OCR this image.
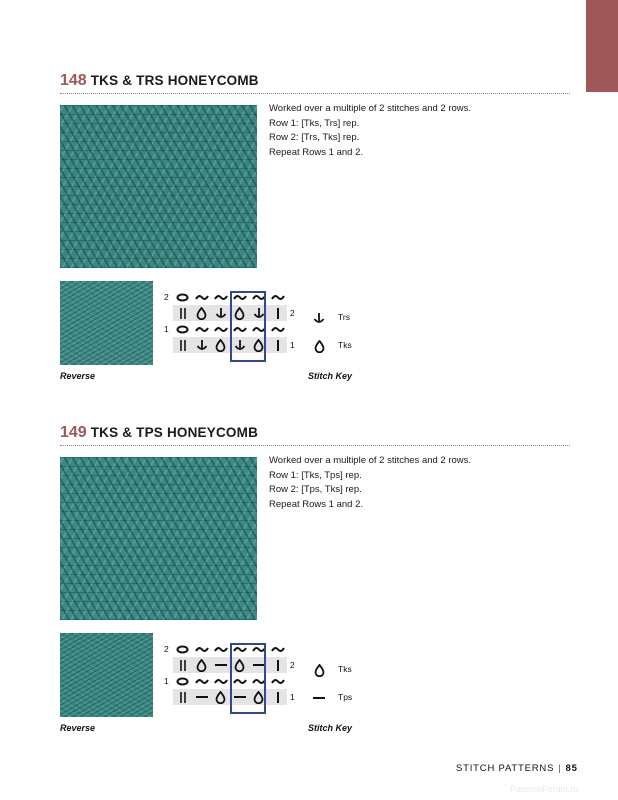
148 TKS & TRS HONEYCOMB
Worked over a multiple of 2 stitches and 2 rows.
Row 1: [Tks, Trs] rep.
Row 2: [Trs, Tks] rep.
Repeat Rows 1 and 2.
2
1
2
1
Trs
Tks
Reverse	Stitch Key
149 TKS & TPS HONEYCOMB
Worked over a multiple of 2 stitches and 2 rows.
Row 1: [Tks, Tps] rep.
Row 2: [Tps, Tks] rep.
Repeat Rows 1 and 2.
2
1
2
1
Tks
Tps
Reverse	Stitch Key
STITCH PATTERNS | 85
PassionForum.ru
